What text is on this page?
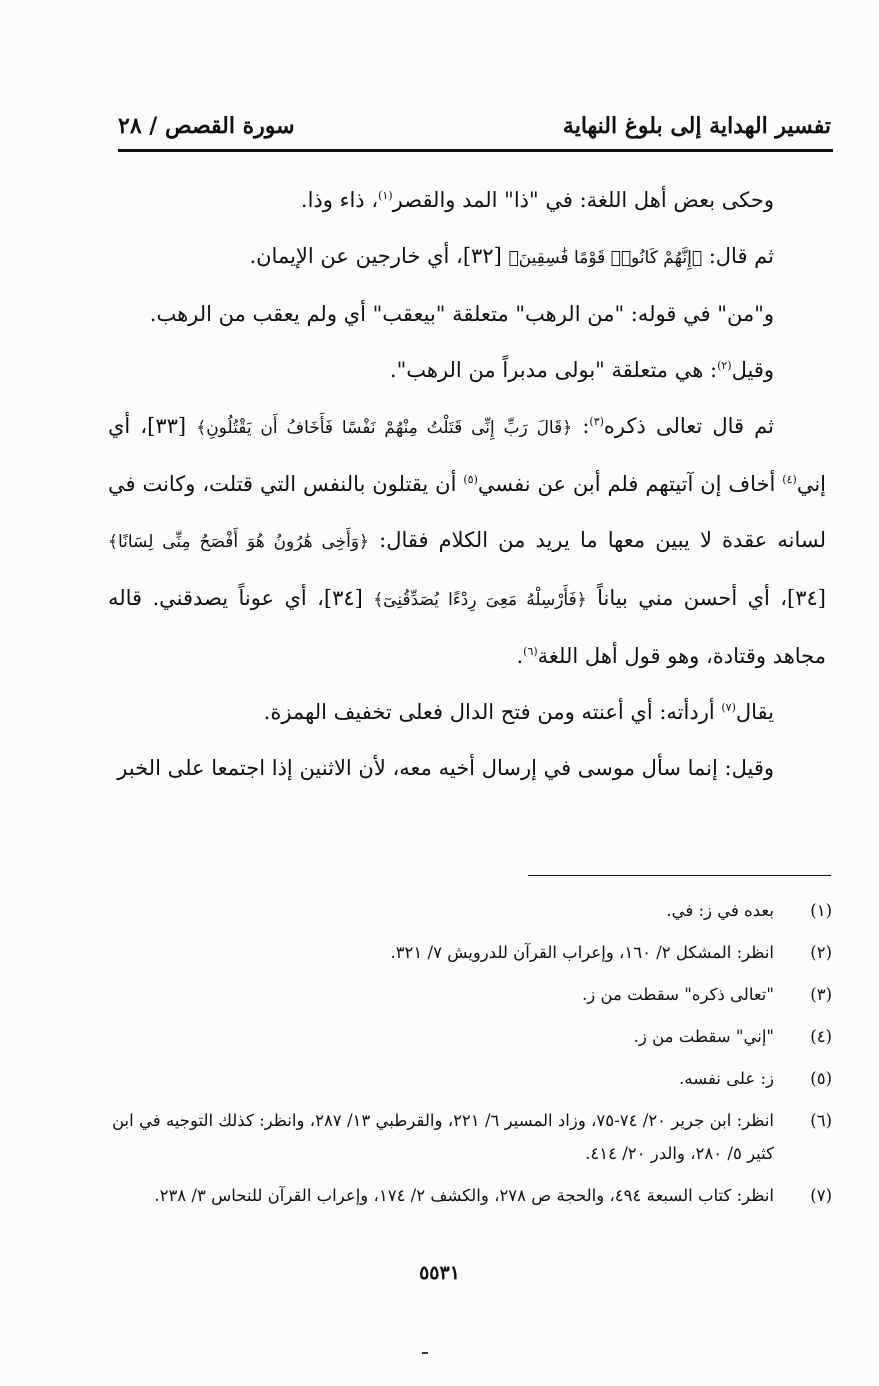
تفسير الهداية إلى بلوغ النهاية
سورة القصص / ٢٨

وحكى بعض أهل اللغة: في "ذا" المد والقصر$^{(١)}$، ذاء وذا.

ثم قال: ﴿إِنَّهُمْ كَانُوا۟ قَوْمًا فَٰسِقِينَ﴾ [٣٢]، أي خارجين عن الإيمان.

و"من" في قوله: "من الرهب" متعلقة "بيعقب" أي ولم يعقب من الرهب.

وقيل$^{(٢)}$: هي متعلقة "بولى مدبراً من الرهب".

ثم قال تعالى ذكره$^{(٣)}$: ﴿قَالَ رَبِّ إِنِّى قَتَلْتُ مِنْهُمْ نَفْسًا فَأَخَافُ أَن يَقْتُلُونِ﴾ [٣٣]، أي إني$^{(٤)}$ أخاف إن آتيتهم فلم أبن عن نفسي$^{(٥)}$ أن يقتلون بالنفس التي قتلت، وكانت في لسانه عقدة لا يبين معها ما يريد من الكلام فقال: ﴿وَأَخِى هَٰرُونُ هُوَ أَفْصَحُ مِنِّى لِسَانًا﴾ [٣٤]، أي أحسن مني بياناً ﴿فَأَرْسِلْهُ مَعِىَ رِدْءًا يُصَدِّقُنِىٓ﴾ [٣٤]، أي عوناً يصدقني. قاله مجاهد وقتادة، وهو قول أهل اللغة$^{(٦)}$.

يقال$^{(٧)}$ أردأته: أي أعنته ومن فتح الدال فعلى تخفيف الهمزة.

وقيل: إنما سأل موسى في إرسال أخيه معه، لأن الاثنين إذا اجتمعا على الخبر

(١)
بعده في ز: في.
(٢)
انظر: المشكل ٢/ ١٦٠، وإعراب القرآن للدرويش ٧/ ٣٢١.
(٣)
"تعالى ذكره" سقطت من ز.
(٤)
"إني" سقطت من ز.
(٥)
ز: على نفسه.
(٦)
انظر: ابن جرير ٢٠/ ٧٤-٧٥، وزاد المسير ٦/ ٢٢١، والقرطبي ١٣/ ٢٨٧، وانظر: كذلك التوجيه في ابن كثير ٥/ ٢٨٠، والدر ٢٠/ ٤١٤.
(٧)
انظر: كتاب السبعة ٤٩٤، والحجة ص ٢٧٨، والكشف ٢/ ١٧٤، وإعراب القرآن للنحاس ٣/ ٢٣٨.
٥٥٣١
